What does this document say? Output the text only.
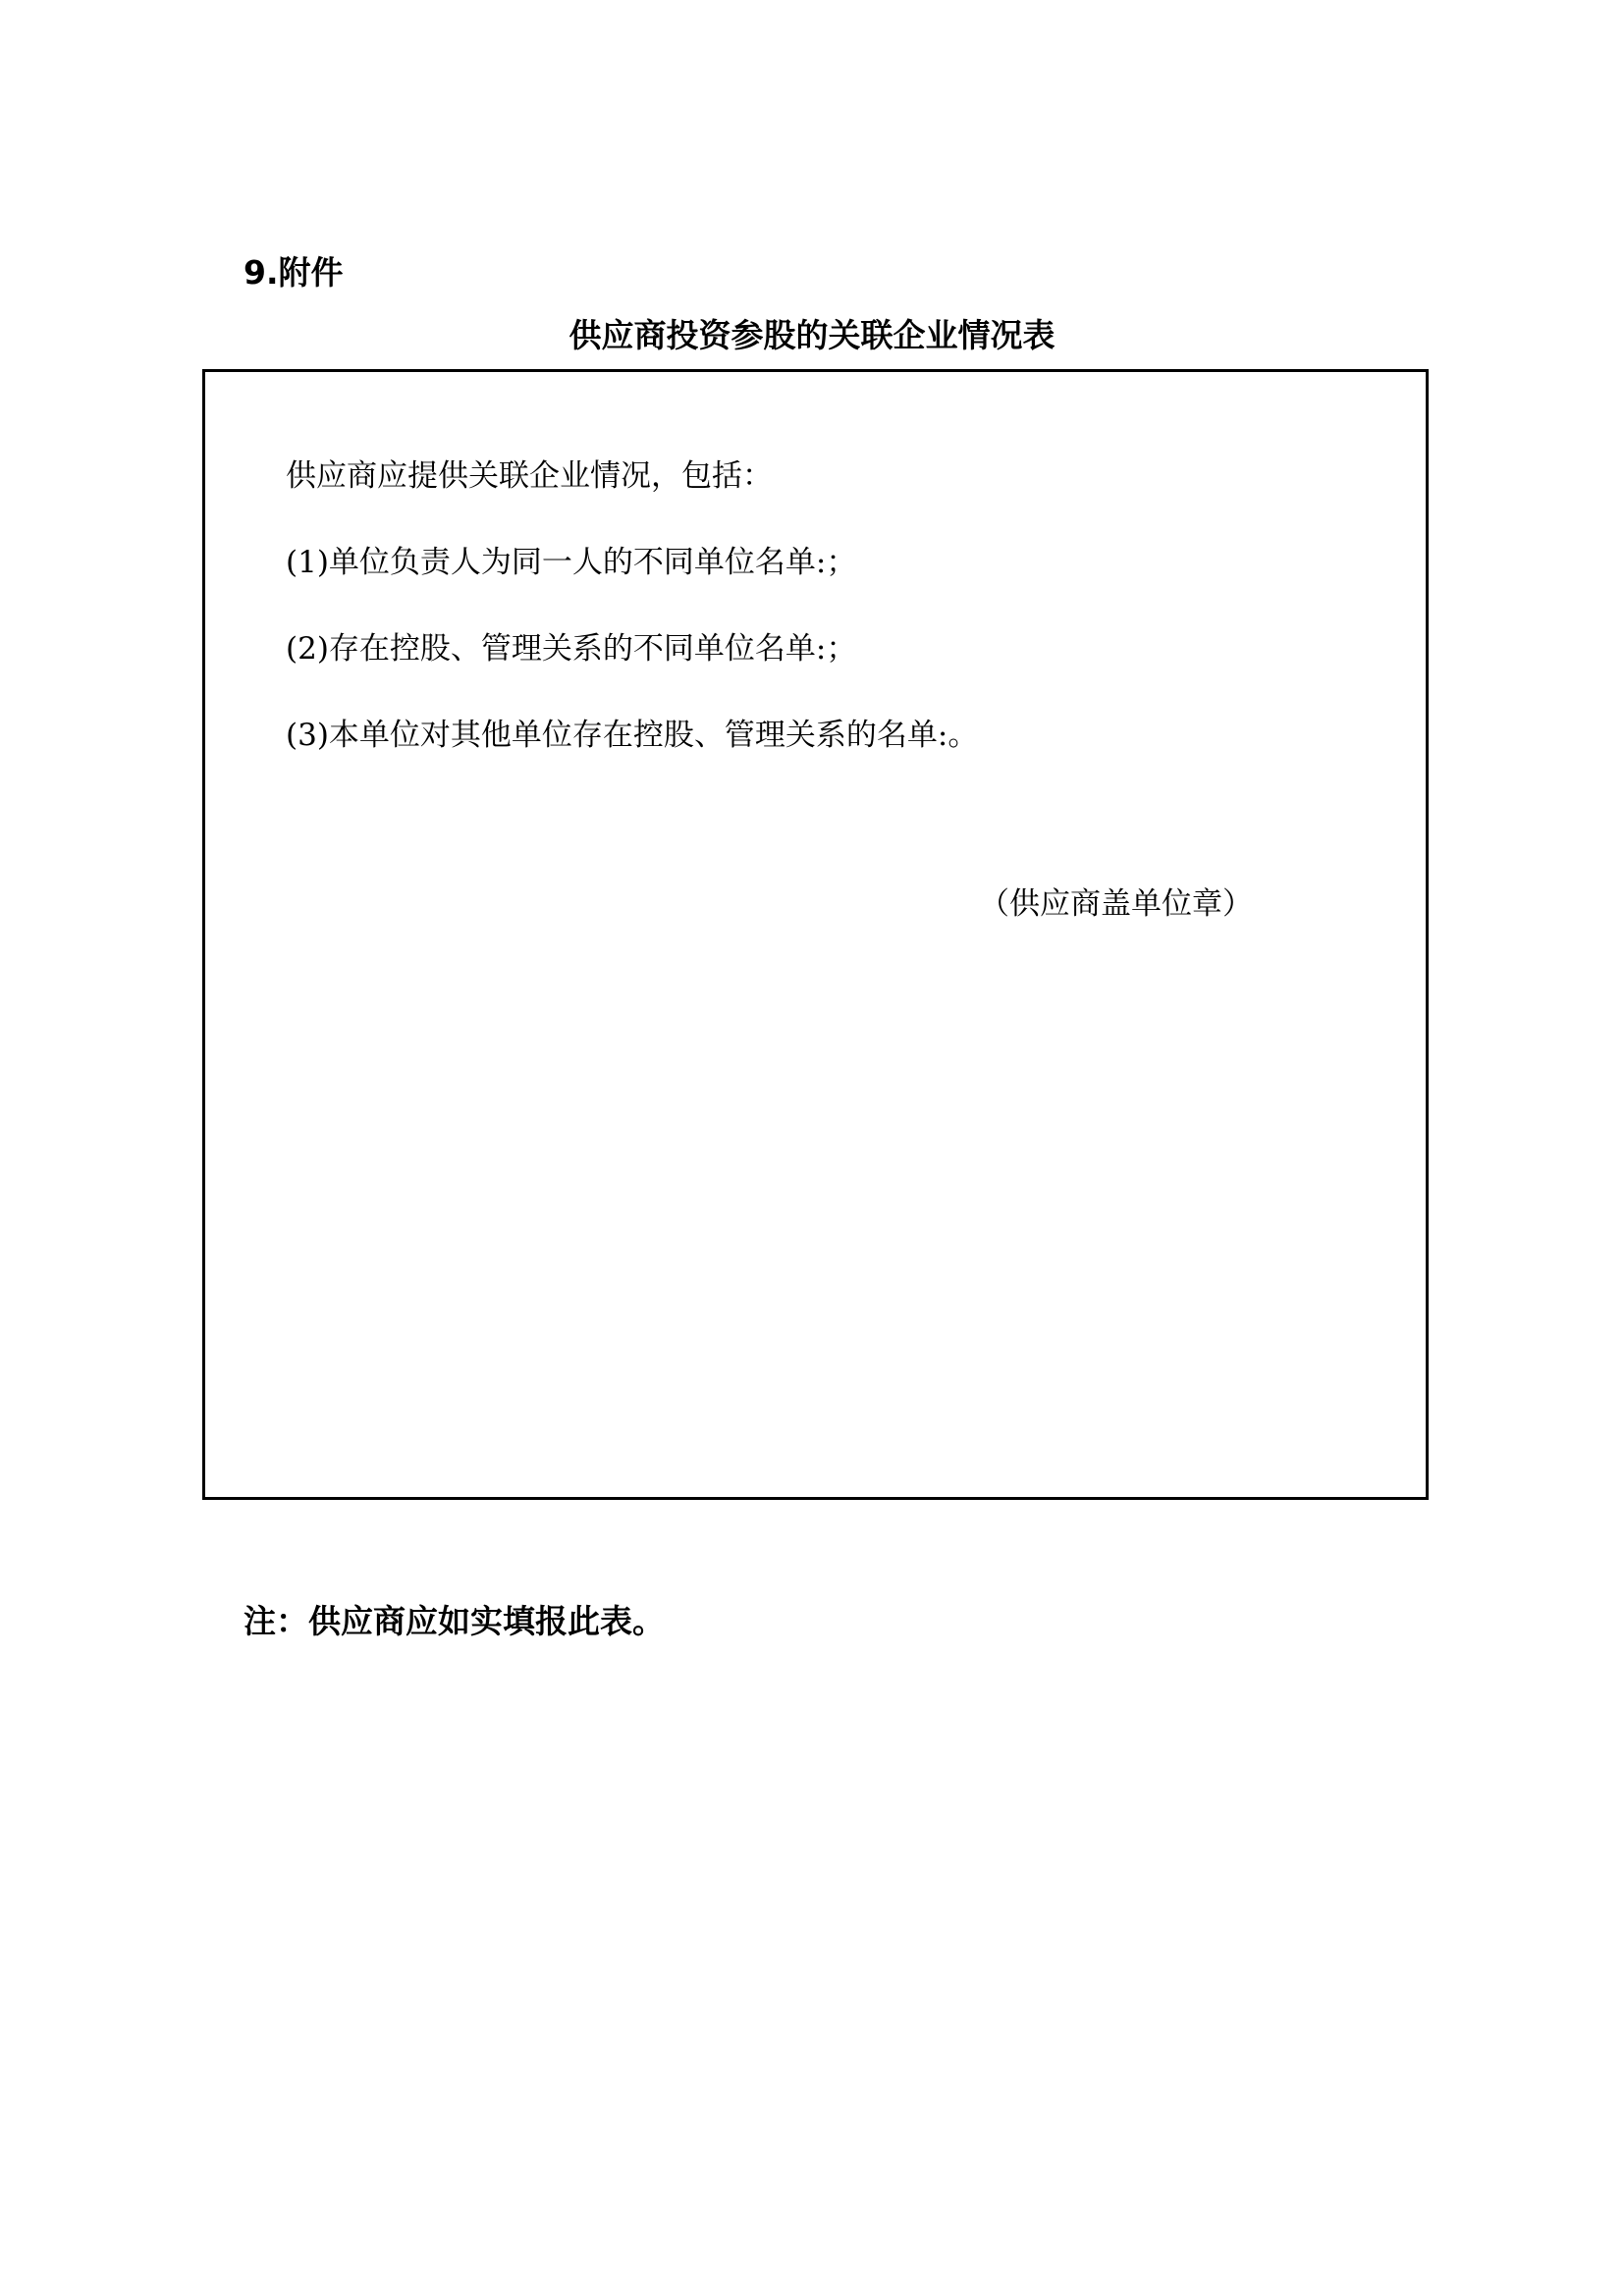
9.附件
供应商投资参股的关联企业情况表
供应商应提供关联企业情况，包括：
(1)单位负责人为同一人的不同单位名单:；
(2)存在控股、管理关系的不同单位名单:；
(3)本单位对其他单位存在控股、管理关系的名单:。
（供应商盖单位章）
注：供应商应如实填报此表。
